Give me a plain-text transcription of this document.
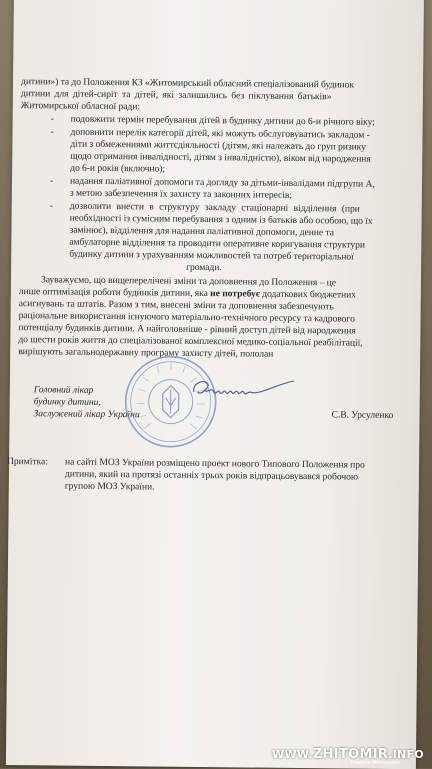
дитини») та до Положення КЗ «Житомирський обласний спеціалізований будинок
дитини для дітей-сиріт та дітей, які залишились без піклування батьків»
Житомирської обласної ради:
- подовжити термін перебування дітей в будинку дитини до 6-и річного віку;
- доповнити перелік категорії дітей, які можуть обслуговуватись закладом -
діти з обмеженнями життєдіяльності (дітям, які належать до груп ризику
щодо отримання інвалідності, дітям з інвалідністю), віком від народження
до 6-и років (включно);
- надання паліативної допомоги та догляду за дітьми-інвалідами підгрупи А,
з метою забезпечення їх захисту та законних інтересів;
- дозволити внести в структуру закладу стаціонарні відділення (при
необхідності із сумісним перебування з одним із батьків або особою, що їх
замінює), відділення для надання паліативної допомоги, денне та
амбулаторне відділення та проводити оперативне коригування структури
будинку дитини з урахуванням можливостей та потреб територіальної
громади.
Зауважуємо, що вищеперелічені зміни та доповнення до Положення – це
лише оптимізація роботи будинків дитини, яка не потребує додаткових бюджетних
асигнувань та штатів. Разом з тим, внесені зміни та доповнення забезпечують
раціональне використання існуючого матеріально-технічного ресурсу та кадрового
потенціалу будинків дитини. А найголовніше - рівний доступ дітей від народження
до шести років життя до спеціалізованої комплексної медико-соціальної реабілітації,
вирішують загальнодержавну програму захисту дітей, пололан
Головний лікар
будинку дитини,
Заслужений лікар України	С.В. Урсуленко
Примітка: на сайті МОЗ України розміщено проект нового Типового Положення про
дитини, який на протязі останніх трьох років відпрацьовувався робочою
групою МОЗ України.
WWW.ZHITOMIR.INFO
Новини Житомира
